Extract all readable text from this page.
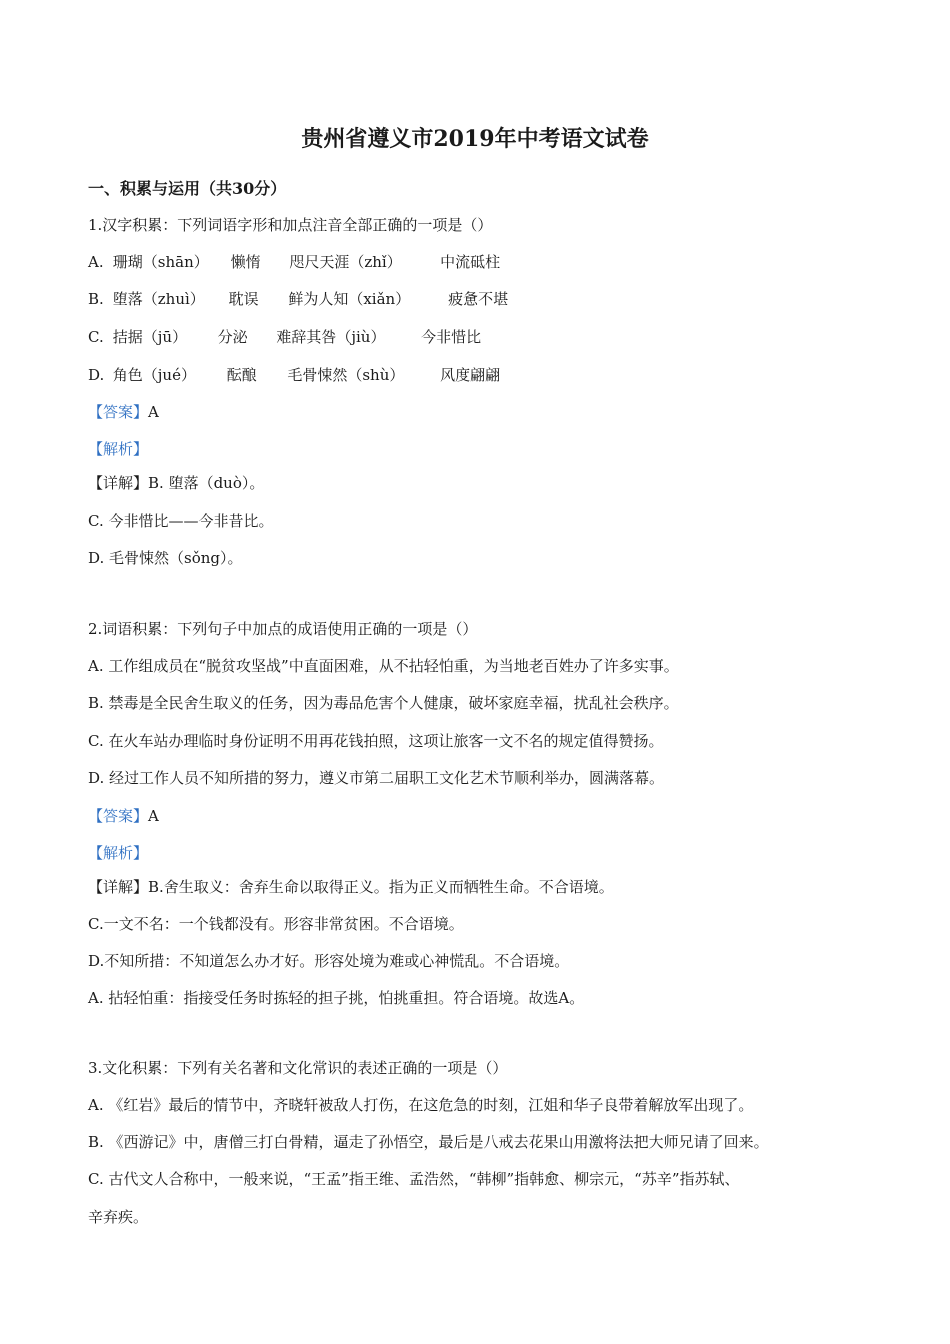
贵州省遵义市2019年中考语文试卷
一、积累与运用（共30分）
1.汉字积累：下列词语字形和加点注音全部正确的一项是（）
A. 珊瑚（shān） 懒惰 咫尺天涯（zhǐ）	中流砥柱
B. 堕落（zhuì） 耽误 鲜为人知（xiǎn）	疲惫不堪
C. 拮据（jū） 分泌 难辞其咎（jiù） 今非惜比
D. 角色（jué） 酝酿 毛骨悚然（shù） 风度翩翩
【答案】A
【解析】
【详解】B. 堕落（duò）。
C. 今非惜比——今非昔比。
D. 毛骨悚然（sǒng）。
2.词语积累：下列句子中加点的成语使用正确的一项是（）
A. 工作组成员在“脱贫攻坚战”中直面困难，从不拈轻怕重，为当地老百姓办了许多实事。
B. 禁毒是全民舍生取义的任务，因为毒品危害个人健康，破坏家庭幸福，扰乱社会秩序。
C. 在火车站办理临时身份证明不用再花钱拍照，这项让旅客一文不名的规定值得赞扬。
D. 经过工作人员不知所措的努力，遵义市第二届职工文化艺术节顺利举办，圆满落幕。
【答案】A
【解析】
【详解】B.舍生取义：舍弃生命以取得正义。指为正义而牺牲生命。不合语境。
C.一文不名：一个钱都没有。形容非常贫困。不合语境。
D.不知所措：不知道怎么办才好。形容处境为难或心神慌乱。不合语境。
A. 拈轻怕重：指接受任务时拣轻的担子挑，怕挑重担。符合语境。故选A。
3.文化积累：下列有关名著和文化常识的表述正确的一项是（）
A. 《红岩》最后的情节中，齐晓轩被敌人打伤，在这危急的时刻，江姐和华子良带着解放军出现了。
B. 《西游记》中，唐僧三打白骨精，逼走了孙悟空，最后是八戒去花果山用激将法把大师兄请了回来。
C. 古代文人合称中，一般来说，“王孟”指王维、孟浩然，“韩柳”指韩愈、柳宗元，“苏辛”指苏轼、
辛弃疾。
